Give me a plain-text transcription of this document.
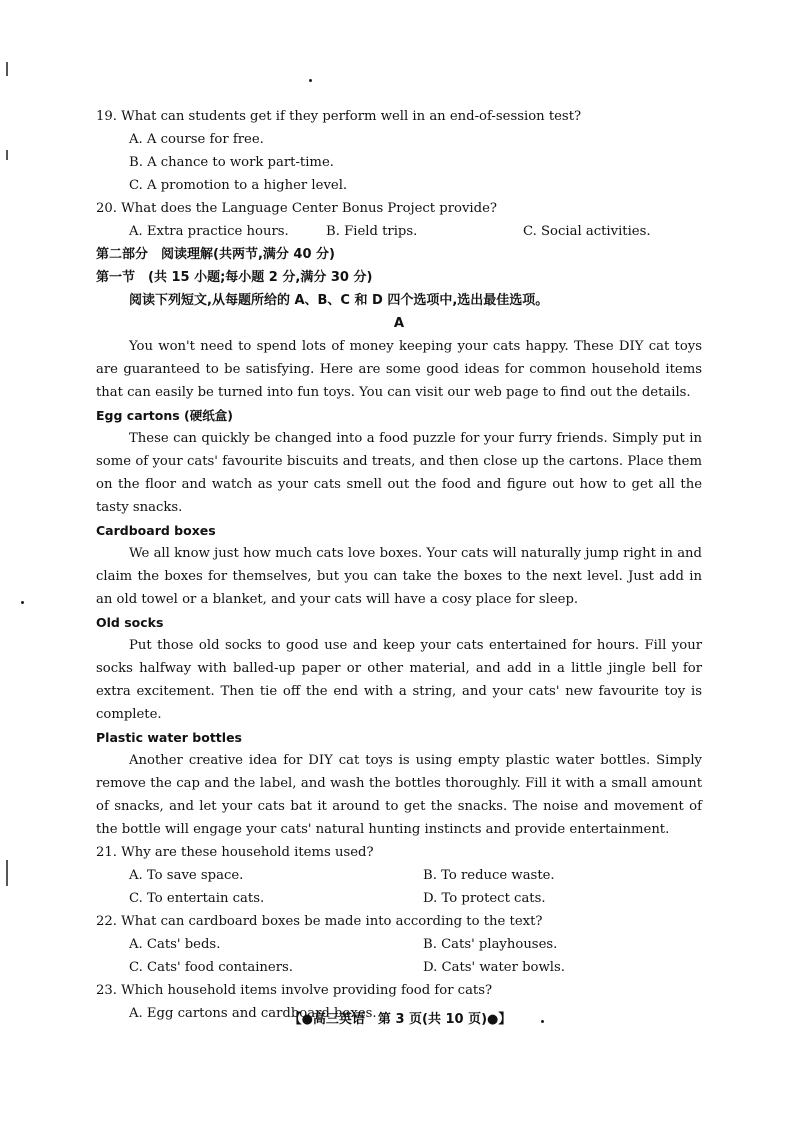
19. What can students get if they perform well in an end-of-session test?

A. A course for free.

B. A chance to work part-time.

C. A promotion to a higher level.

20. What does the Language Center Bonus Project provide?

A. Extra practice hours.	B. Field trips.	C. Social activities.

第二部分　阅读理解(共两节,满分 40 分)

第一节　(共 15 小题;每小题 2 分,满分 30 分)

阅读下列短文,从每题所给的 A、B、C 和 D 四个选项中,选出最佳选项。

A

You won't need to spend lots of money keeping your cats happy. These DIY cat toys are guaranteed to be satisfying. Here are some good ideas for common household items that can easily be turned into fun toys. You can visit our web page to find out the details.

Egg cartons (硬纸盒)

These can quickly be changed into a food puzzle for your furry friends. Simply put in some of your cats' favourite biscuits and treats, and then close up the cartons. Place them on the floor and watch as your cats smell out the food and figure out how to get all the tasty snacks.

Cardboard boxes

We all know just how much cats love boxes. Your cats will naturally jump right in and claim the boxes for themselves, but you can take the boxes to the next level. Just add in an old towel or a blanket, and your cats will have a cosy place for sleep.

Old socks

Put those old socks to good use and keep your cats entertained for hours. Fill your socks halfway with balled-up paper or other material, and add in a little jingle bell for extra excitement. Then tie off the end with a string, and your cats' new favourite toy is complete.

Plastic water bottles

Another creative idea for DIY cat toys is using empty plastic water bottles. Simply remove the cap and the label, and wash the bottles thoroughly. Fill it with a small amount of snacks, and let your cats bat it around to get the snacks. The noise and movement of the bottle will engage your cats' natural hunting instincts and provide entertainment.

21. Why are these household items used?

A. To save space.	B. To reduce waste.
C. To entertain cats.	D. To protect cats.

22. What can cardboard boxes be made into according to the text?

A. Cats' beds.	B. Cats' playhouses.
C. Cats' food containers.	D. Cats' water bowls.

23. Which household items involve providing food for cats?

A. Egg cartons and cardboard boxes.

【●高三英语　第 3 页(共 10 页)●】
